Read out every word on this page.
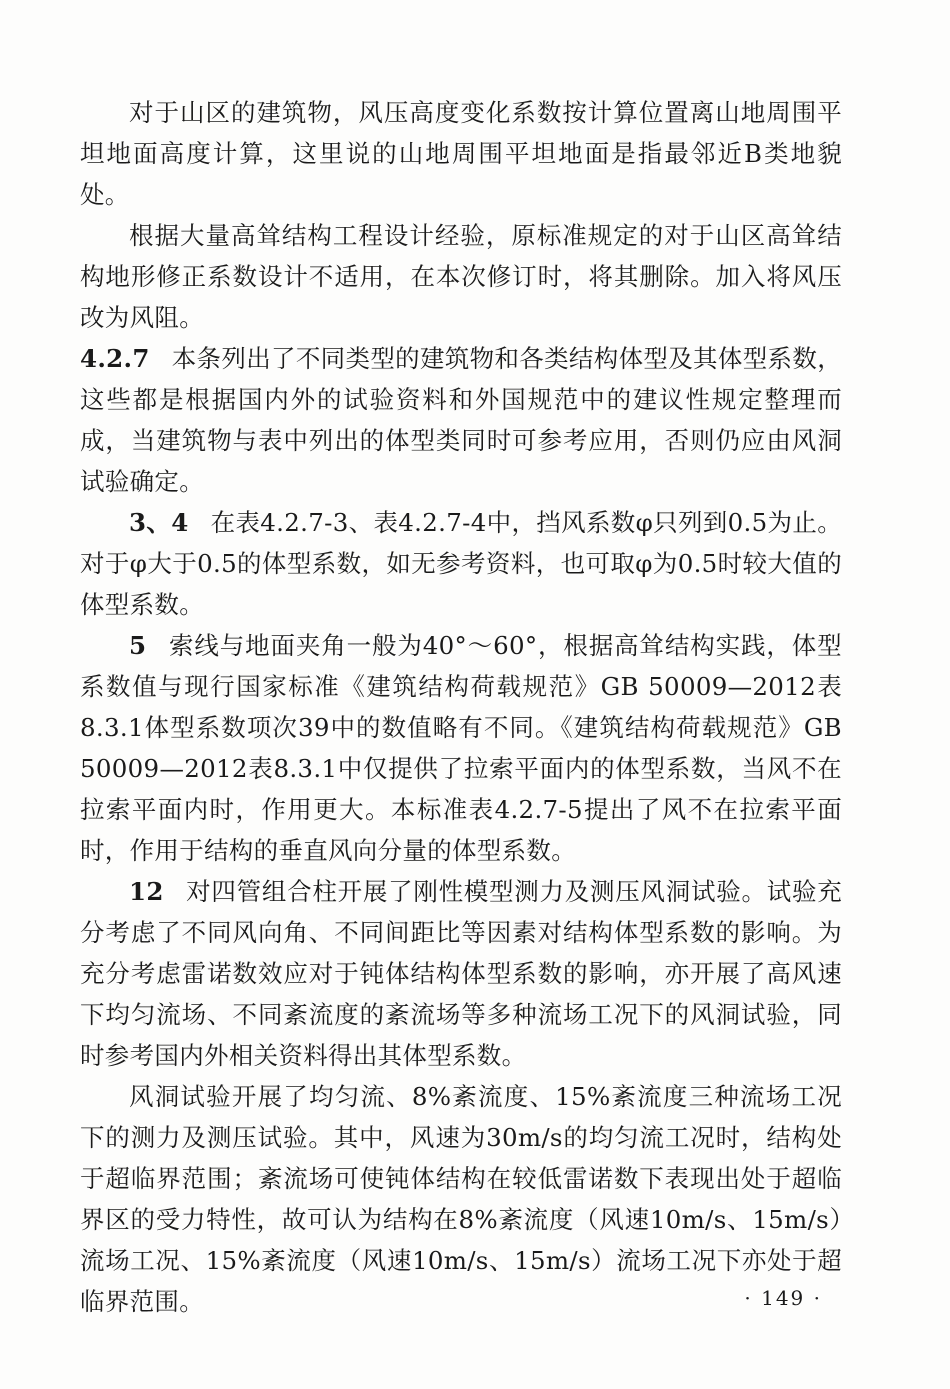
对于山区的建筑物，风压高度变化系数按计算位置离山地周围平坦地面高度计算，这里说的山地周围平坦地面是指最邻近B类地貌处。

根据大量高耸结构工程设计经验，原标准规定的对于山区高耸结构地形修正系数设计不适用，在本次修订时，将其删除。加入将风压改为风阻。

4.2.7 本条列出了不同类型的建筑物和各类结构体型及其体型系数，这些都是根据国内外的试验资料和外国规范中的建议性规定整理而成，当建筑物与表中列出的体型类同时可参考应用，否则仍应由风洞试验确定。

3、4 在表4.2.7-3、表4.2.7-4中，挡风系数φ只列到0.5为止。对于φ大于0.5的体型系数，如无参考资料，也可取φ为0.5时较大值的体型系数。

5 索线与地面夹角一般为40°～60°，根据高耸结构实践，体型系数值与现行国家标准《建筑结构荷载规范》GB 50009—2012表8.3.1体型系数项次39中的数值略有不同。《建筑结构荷载规范》GB 50009—2012表8.3.1中仅提供了拉索平面内的体型系数，当风不在拉索平面内时，作用更大。本标准表4.2.7-5提出了风不在拉索平面时，作用于结构的垂直风向分量的体型系数。

12 对四管组合柱开展了刚性模型测力及测压风洞试验。试验充分考虑了不同风向角、不同间距比等因素对结构体型系数的影响。为充分考虑雷诺数效应对于钝体结构体型系数的影响，亦开展了高风速下均匀流场、不同紊流度的紊流场等多种流场工况下的风洞试验，同时参考国内外相关资料得出其体型系数。

风洞试验开展了均匀流、8%紊流度、15%紊流度三种流场工况下的测力及测压试验。其中，风速为30m/s的均匀流工况时，结构处于超临界范围；紊流场可使钝体结构在较低雷诺数下表现出处于超临界区的受力特性，故可认为结构在8%紊流度（风速10m/s、15m/s）流场工况、15%紊流度（风速10m/s、15m/s）流场工况下亦处于超临界范围。	· 149 ·
